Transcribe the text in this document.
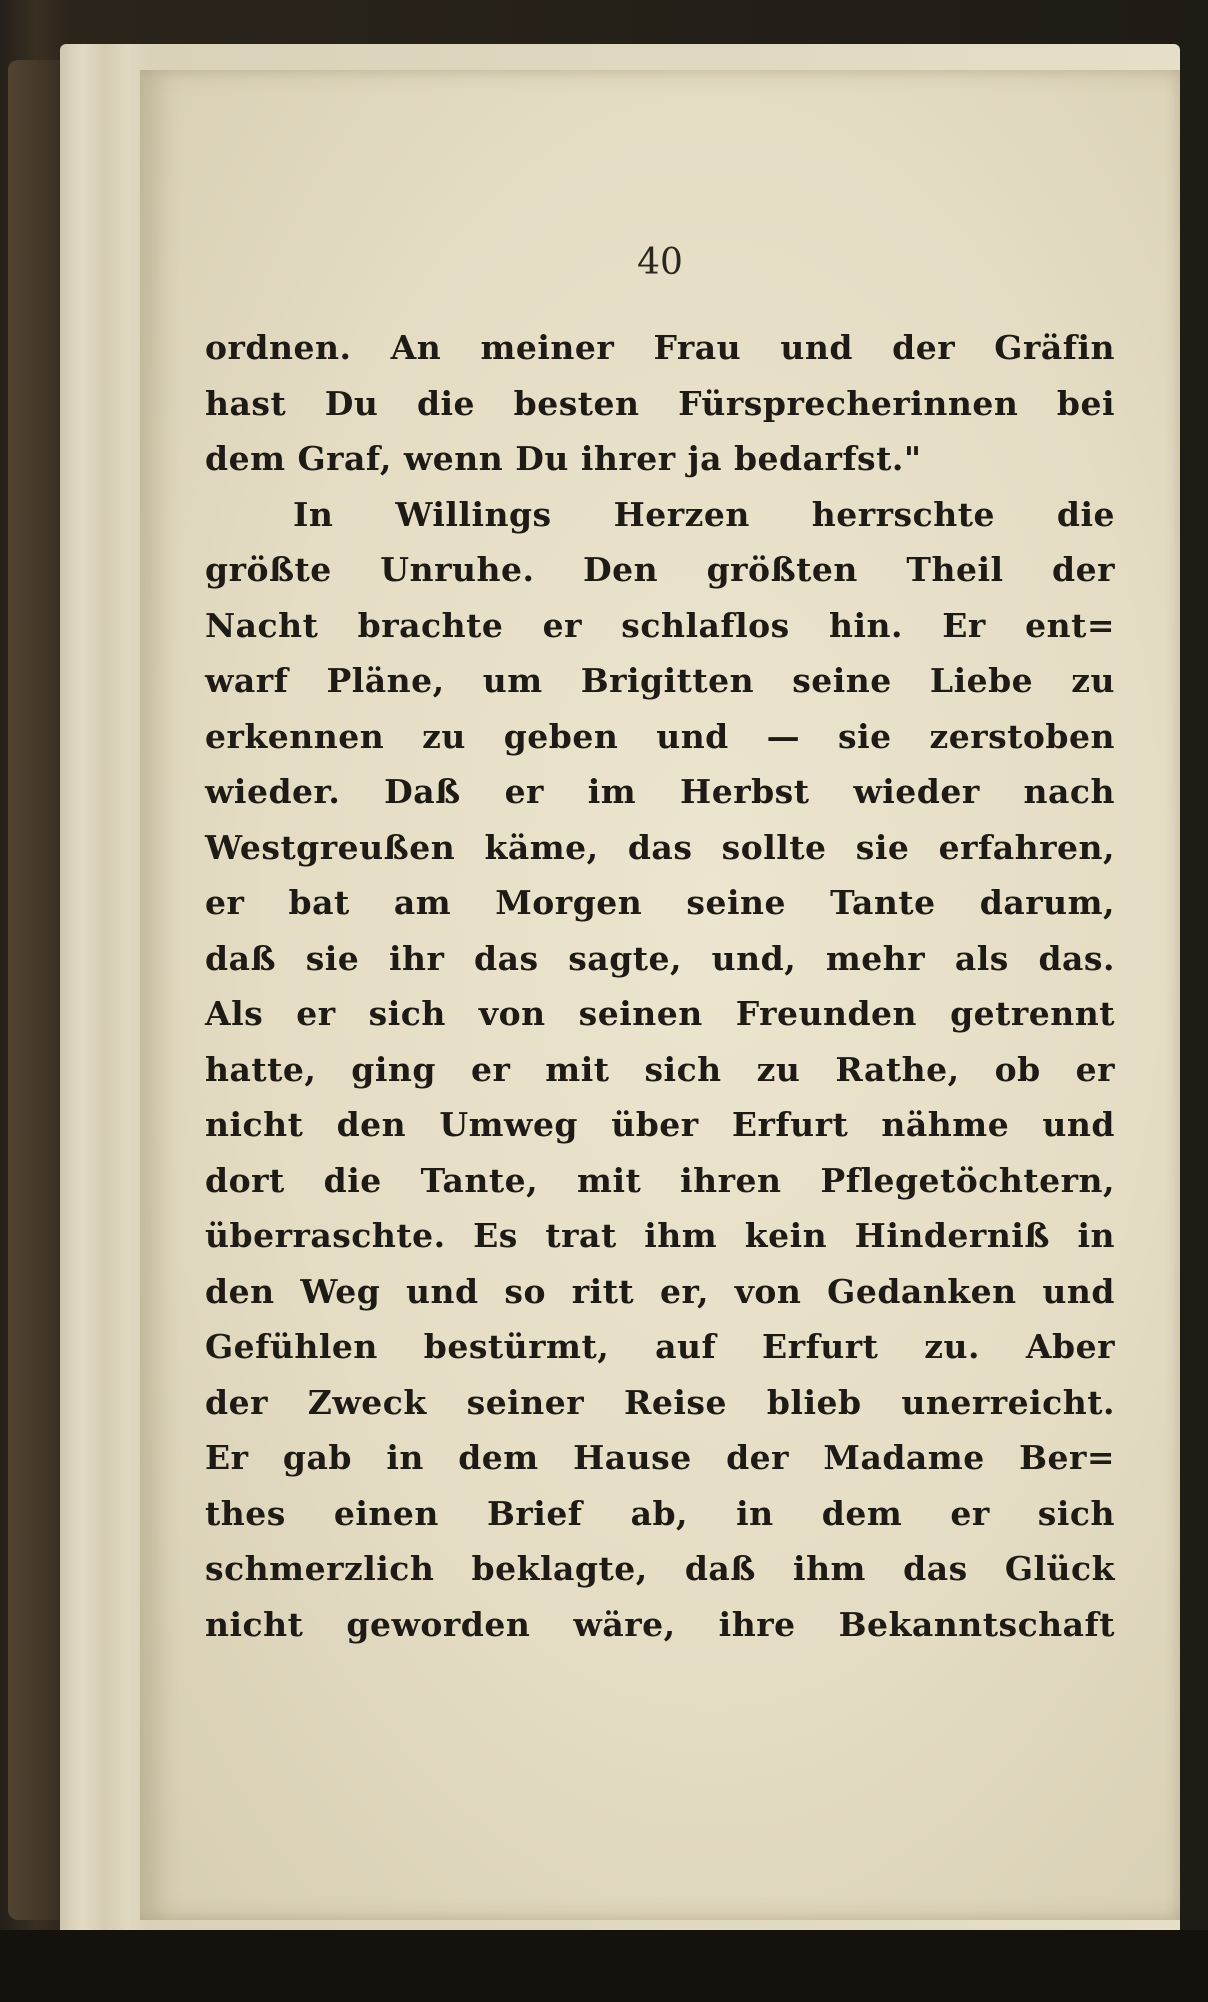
40
ordnen. An meiner Frau und der Gräfin
hast Du die besten Fürsprecherinnen bei
dem Graf, wenn Du ihrer ja bedarfst."
In Willings Herzen herrschte die
größte Unruhe. Den größten Theil der
Nacht brachte er schlaflos hin. Er ent=
warf Pläne, um Brigitten seine Liebe zu
erkennen zu geben und — sie zerstoben
wieder. Daß er im Herbst wieder nach
Westgreußen käme, das sollte sie erfahren,
er bat am Morgen seine Tante darum,
daß sie ihr das sagte, und, mehr als das.
Als er sich von seinen Freunden getrennt
hatte, ging er mit sich zu Rathe, ob er
nicht den Umweg über Erfurt nähme und
dort die Tante, mit ihren Pflegetöchtern,
überraschte. Es trat ihm kein Hinderniß in
den Weg und so ritt er, von Gedanken und
Gefühlen bestürmt, auf Erfurt zu. Aber
der Zweck seiner Reise blieb unerreicht.
Er gab in dem Hause der Madame Ber=
thes einen Brief ab, in dem er sich
schmerzlich beklagte, daß ihm das Glück
nicht geworden wäre, ihre Bekanntschaft
